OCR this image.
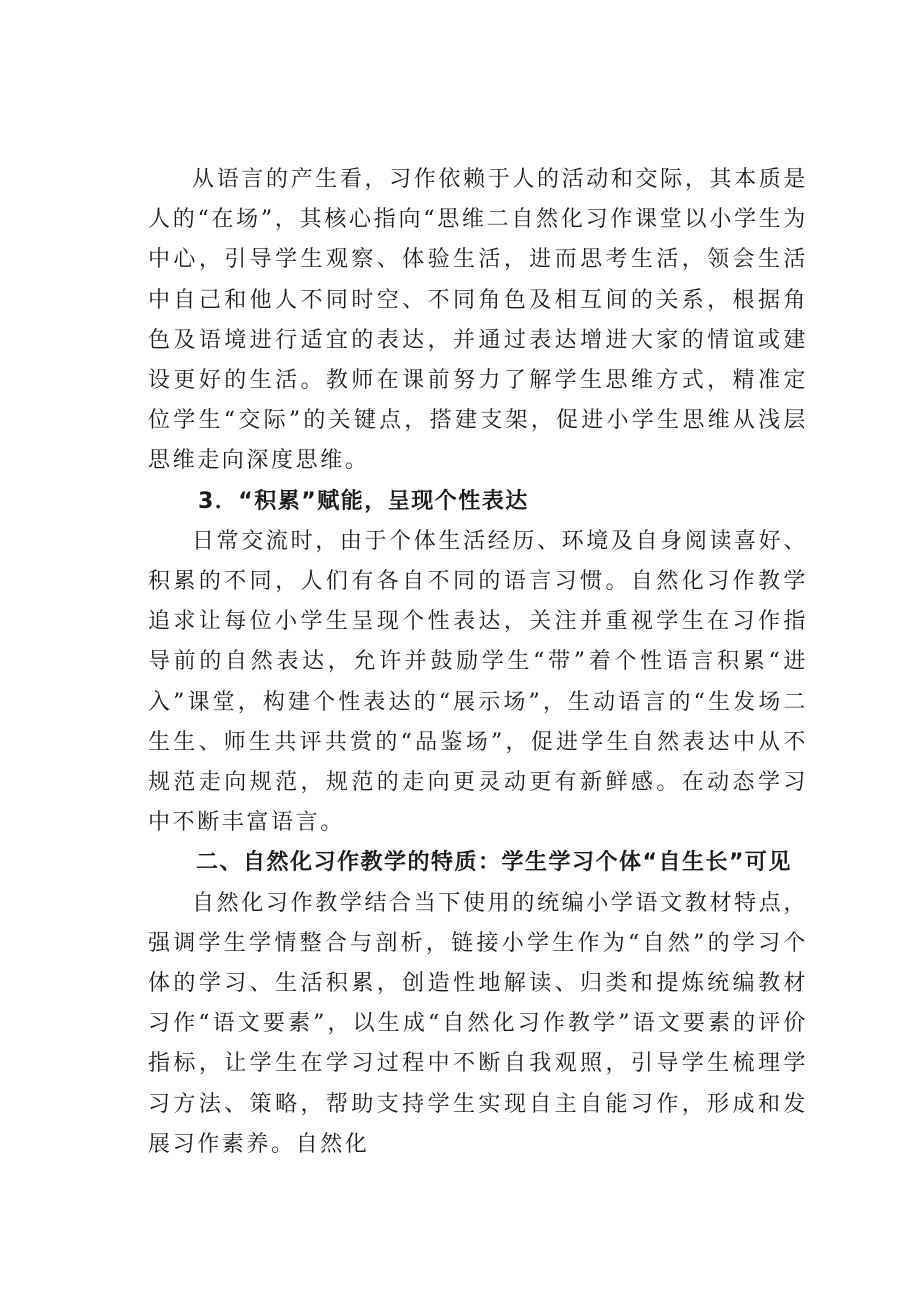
从语言的产生看，习作依赖于人的活动和交际，其本质是人的“在场”，其核心指向“思维二自然化习作课堂以小学生为中心，引导学生观察、体验生活，进而思考生活，领会生活中自己和他人不同时空、不同角色及相互间的关系，根据角色及语境进行适宜的表达，并通过表达增进大家的情谊或建设更好的生活。教师在课前努力了解学生思维方式，精准定位学生“交际”的关键点，搭建支架，促进小学生思维从浅层思维走向深度思维。

3．“积累”赋能，呈现个性表达

日常交流时，由于个体生活经历、环境及自身阅读喜好、积累的不同，人们有各自不同的语言习惯。自然化习作教学追求让每位小学生呈现个性表达，关注并重视学生在习作指导前的自然表达，允许并鼓励学生“带”着个性语言积累“进入”课堂，构建个性表达的“展示场”，生动语言的“生发场二生生、师生共评共赏的“品鉴场”，促进学生自然表达中从不规范走向规范，规范的走向更灵动更有新鲜感。在动态学习中不断丰富语言。

二、自然化习作教学的特质：学生学习个体“自生长”可见

自然化习作教学结合当下使用的统编小学语文教材特点，强调学生学情整合与剖析，链接小学生作为“自然”的学习个体的学习、生活积累，创造性地解读、归类和提炼统编教材习作“语文要素”，以生成“自然化习作教学”语文要素的评价指标，让学生在学习过程中不断自我观照，引导学生梳理学习方法、策略，帮助支持学生实现自主自能习作，形成和发展习作素养。自然化
